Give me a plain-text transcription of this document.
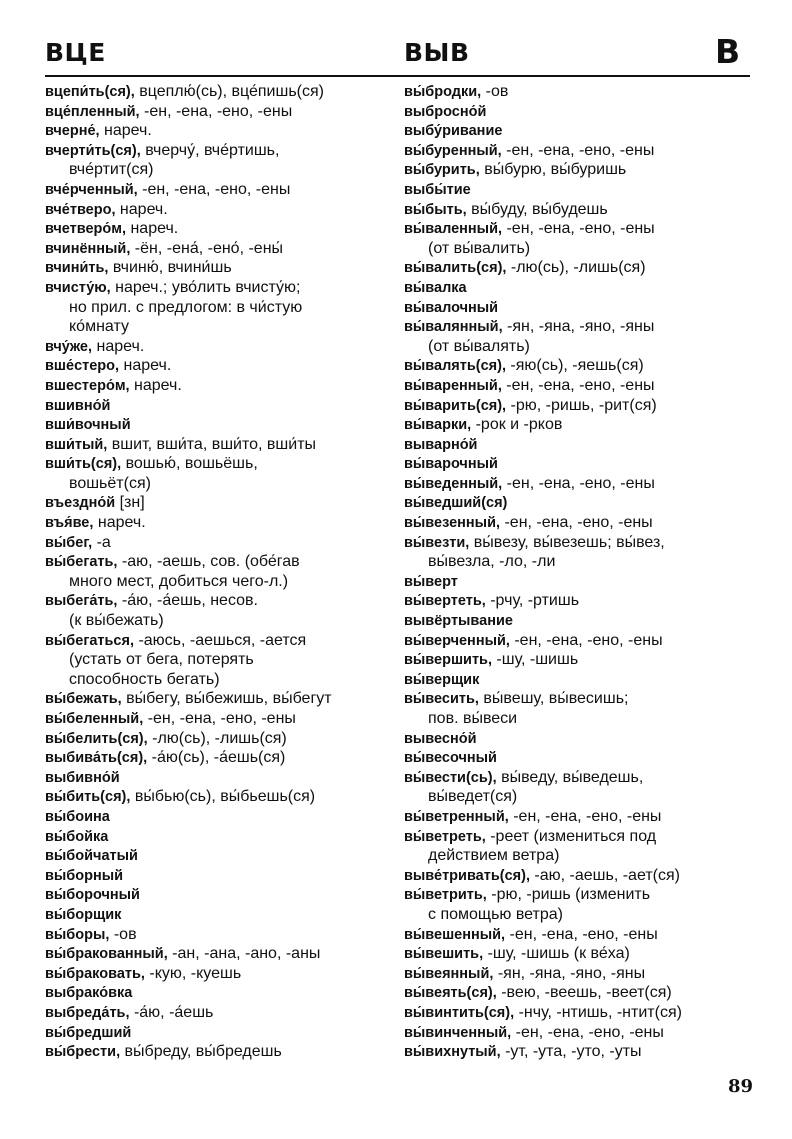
ВЦЕ	ВЫВ	В
вцепи́ть(ся), вцеплю́(сь), вце́пишь(ся)
вце́пленный, -ен, -ена, -ено, -ены
вчерне́, нареч.
вчерти́ть(ся), вчерчу́, вче́ртишь,
вче́ртит(ся)
вче́рченный, -ен, -ена, -ено, -ены
вче́тверо, нареч.
вчетверо́м, нареч.
вчинённый, -ён, -ена́, -ено́, -ены́
вчини́ть, вчиню́, вчини́шь
вчисту́ю, нареч.; уво́лить вчисту́ю;
но прил. с предлогом: в чи́стую
ко́мнату
вчу́же, нареч.
вше́стеро, нареч.
вшестеро́м, нареч.
вшивно́й
вши́вочный
вши́тый, вшит, вши́та, вши́то, вши́ты
вши́ть(ся), вошью́, вошьёшь,
вошьёт(ся)
въездно́й [зн]
въя́ве, нареч.
вы́бег, -а
вы́бегать, -аю, -аешь, сов. (обе́гав
много мест, добиться чего-л.)
выбега́ть, -а́ю, -а́ешь, несов.
(к вы́бежать)
вы́бегаться, -аюсь, -аешься, -ается
(устать от бега, потерять
способность бегать)
вы́бежать, вы́бегу, вы́бежишь, вы́бегут
вы́беленный, -ен, -ена, -ено, -ены
вы́белить(ся), -лю(сь), -лишь(ся)
выбива́ть(ся), -а́ю(сь), -а́ешь(ся)
выбивно́й
вы́бить(ся), вы́бью(сь), вы́бьешь(ся)
вы́боина
вы́бойка
вы́бойчатый
вы́борный
вы́борочный
вы́борщик
вы́боры, -ов
вы́бракованный, -ан, -ана, -ано, -аны
вы́браковать, -кую, -куешь
выбрако́вка
выбреда́ть, -а́ю, -а́ешь
вы́бредший
вы́брести, вы́бреду, вы́бредешь
вы́бродки, -ов
выбросно́й
выбу́ривание
вы́буренный, -ен, -ена, -ено, -ены
вы́бурить, вы́бурю, вы́буришь
выбы́тие
вы́быть, вы́буду, вы́будешь
вы́валенный, -ен, -ена, -ено, -ены
(от вы́валить)
вы́валить(ся), -лю(сь), -лишь(ся)
вы́валка
вы́валочный
вы́валянный, -ян, -яна, -яно, -яны
(от вы́валять)
вы́валять(ся), -яю(сь), -яешь(ся)
вы́варенный, -ен, -ена, -ено, -ены
вы́варить(ся), -рю, -ришь, -рит(ся)
вы́варки, -рок и -рков
выварно́й
вы́варочный
вы́веденный, -ен, -ена, -ено, -ены
вы́ведший(ся)
вы́везенный, -ен, -ена, -ено, -ены
вы́везти, вы́везу, вы́везешь; вы́вез,
вы́везла, -ло, -ли
вы́верт
вы́вертеть, -рчу, -ртишь
вывёртывание
вы́верченный, -ен, -ена, -ено, -ены
вы́вершить, -шу, -шишь
вы́верщик
вы́весить, вы́вешу, вы́весишь;
пов. вы́веси
вывесно́й
вы́весочный
вы́вести(сь), вы́веду, вы́ведешь,
вы́ведет(ся)
вы́ветренный, -ен, -ена, -ено, -ены
вы́ветреть, -реет (измениться под
действием ветра)
выве́тривать(ся), -аю, -аешь, -ает(ся)
вы́ветрить, -рю, -ришь (изменить
с помощью ветра)
вы́вешенный, -ен, -ена, -ено, -ены
вы́вешить, -шу, -шишь (к ве́ха)
вы́веянный, -ян, -яна, -яно, -яны
вы́веять(ся), -вею, -веешь, -веет(ся)
вы́винтить(ся), -нчу, -нтишь, -нтит(ся)
вы́винченный, -ен, -ена, -ено, -ены
вы́вихнутый, -ут, -ута, -уто, -уты
89
